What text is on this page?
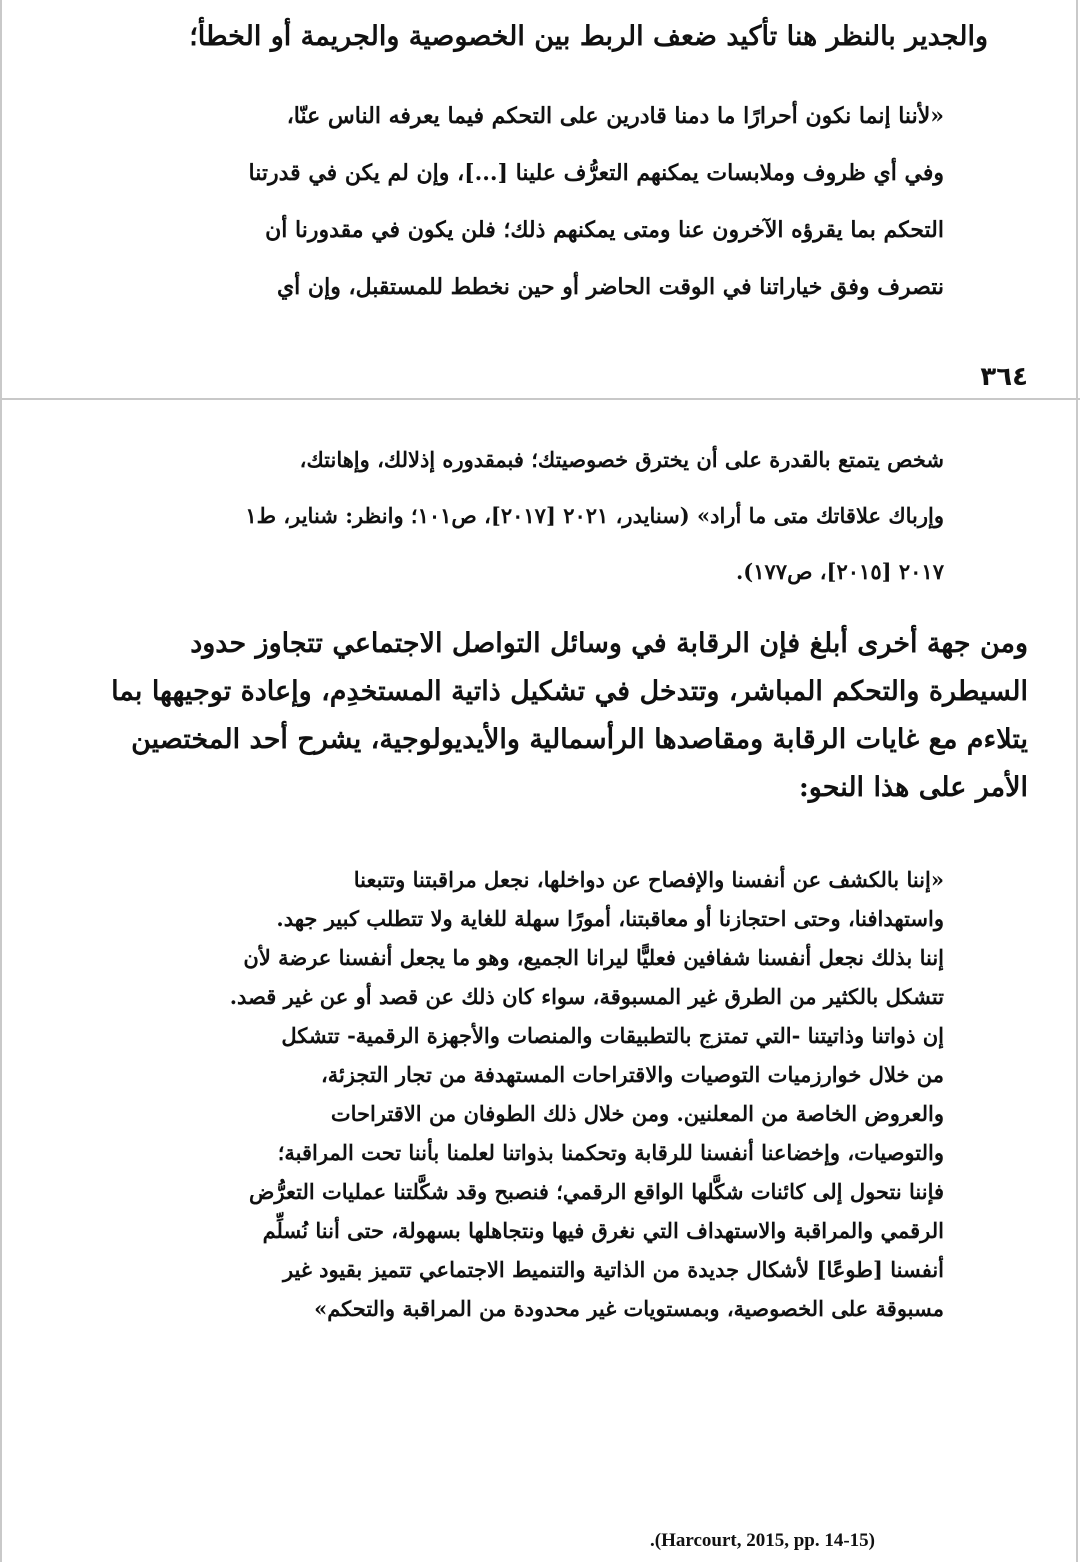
والجدير بالنظر هنا تأكيد ضعف الربط بين الخصوصية والجريمة أو الخطأ؛
«لأننا إنما نكون أحرارًا ما دمنا قادرين على التحكم فيما يعرفه الناس عنّا،
وفي أي ظروف وملابسات يمكنهم التعرُّف علينا [...]، وإن لم يكن في قدرتنا
التحكم بما يقرؤه الآخرون عنا ومتى يمكنهم ذلك؛ فلن يكون في مقدورنا أن
نتصرف وفق خياراتنا في الوقت الحاضر أو حين نخطط للمستقبل، وإن أي
٣٦٤
شخص يتمتع بالقدرة على أن يخترق خصوصيتك؛ فبمقدوره إذلالك، وإهانتك،
وإرباك علاقاتك متى ما أراد» (سنايدر، ٢٠٢١ [٢٠١٧]، ص١٠١؛ وانظر: شناير، ط١
٢٠١٧ [٢٠١٥]، ص١٧٧).
ومن جهة أخرى أبلغ فإن الرقابة في وسائل التواصل الاجتماعي تتجاوز حدود
السيطرة والتحكم المباشر، وتتدخل في تشكيل ذاتية المستخدِم، وإعادة توجيهها بما
يتلاءم مع غايات الرقابة ومقاصدها الرأسمالية والأيديولوجية، يشرح أحد المختصين
الأمر على هذا النحو:
«إننا بالكشف عن أنفسنا والإفصاح عن دواخلها، نجعل مراقبتنا وتتبعنا
واستهدافنا، وحتى احتجازنا أو معاقبتنا، أمورًا سهلة للغاية ولا تتطلب كبير جهد.
إننا بذلك نجعل أنفسنا شفافين فعليًّا ليرانا الجميع، وهو ما يجعل أنفسنا عرضة لأن
تتشكل بالكثير من الطرق غير المسبوقة، سواء كان ذلك عن قصد أو عن غير قصد.
إن ذواتنا وذاتيتنا -التي تمتزج بالتطبيقات والمنصات والأجهزة الرقمية- تتشكل
من خلال خوارزميات التوصيات والاقتراحات المستهدفة من تجار التجزئة،
والعروض الخاصة من المعلنين. ومن خلال ذلك الطوفان من الاقتراحات
والتوصيات، وإخضاعنا أنفسنا للرقابة وتحكمنا بذواتنا لعلمنا بأننا تحت المراقبة؛
فإننا نتحول إلى كائنات شكَّلها الواقع الرقمي؛ فنصبح وقد شكَّلتنا عمليات التعرُّض
الرقمي والمراقبة والاستهداف التي نغرق فيها ونتجاهلها بسهولة، حتى أننا نُسلِّم
أنفسنا [طوعًا] لأشكال جديدة من الذاتية والتنميط الاجتماعي تتميز بقيود غير
مسبوقة على الخصوصية، وبمستويات غير محدودة من المراقبة والتحكم»
.(Harcourt, 2015, pp. 14-15)
